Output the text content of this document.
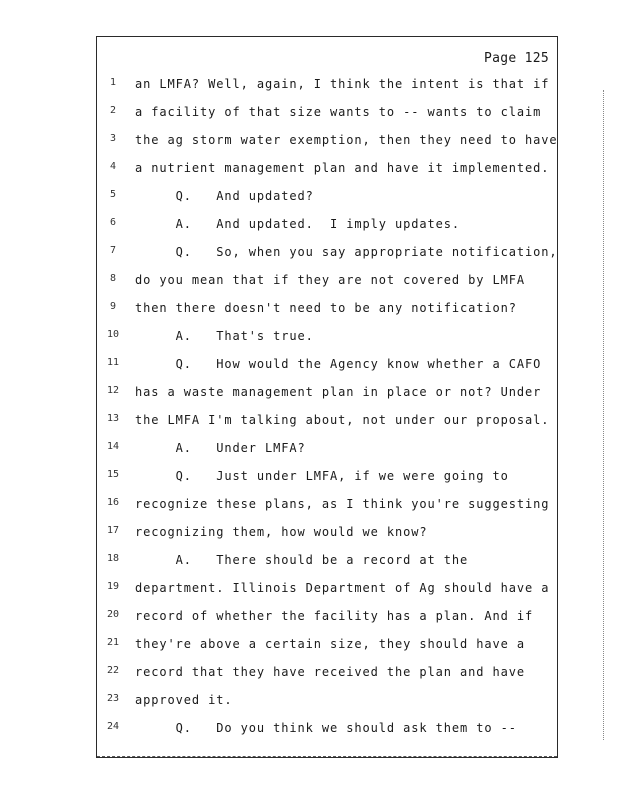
Page 125
1	an LMFA? Well, again, I think the intent is that if
2	a facility of that size wants to -- wants to claim
3	the ag storm water exemption, then they need to have
4	a nutrient management plan and have it implemented.
5	Q.   And updated?
6	A.   And updated.  I imply updates.
7	Q.   So, when you say appropriate notification,
8	do you mean that if they are not covered by LMFA
9	then there doesn't need to be any notification?
10	A.   That's true.
11	Q.   How would the Agency know whether a CAFO
12	has a waste management plan in place or not? Under
13	the LMFA I'm talking about, not under our proposal.
14	A.   Under LMFA?
15	Q.   Just under LMFA, if we were going to
16	recognize these plans, as I think you're suggesting
17	recognizing them, how would we know?
18	A.   There should be a record at the
19	department. Illinois Department of Ag should have a
20	record of whether the facility has a plan. And if
21	they're above a certain size, they should have a
22	record that they have received the plan and have
23	approved it.
24	Q.   Do you think we should ask them to --
